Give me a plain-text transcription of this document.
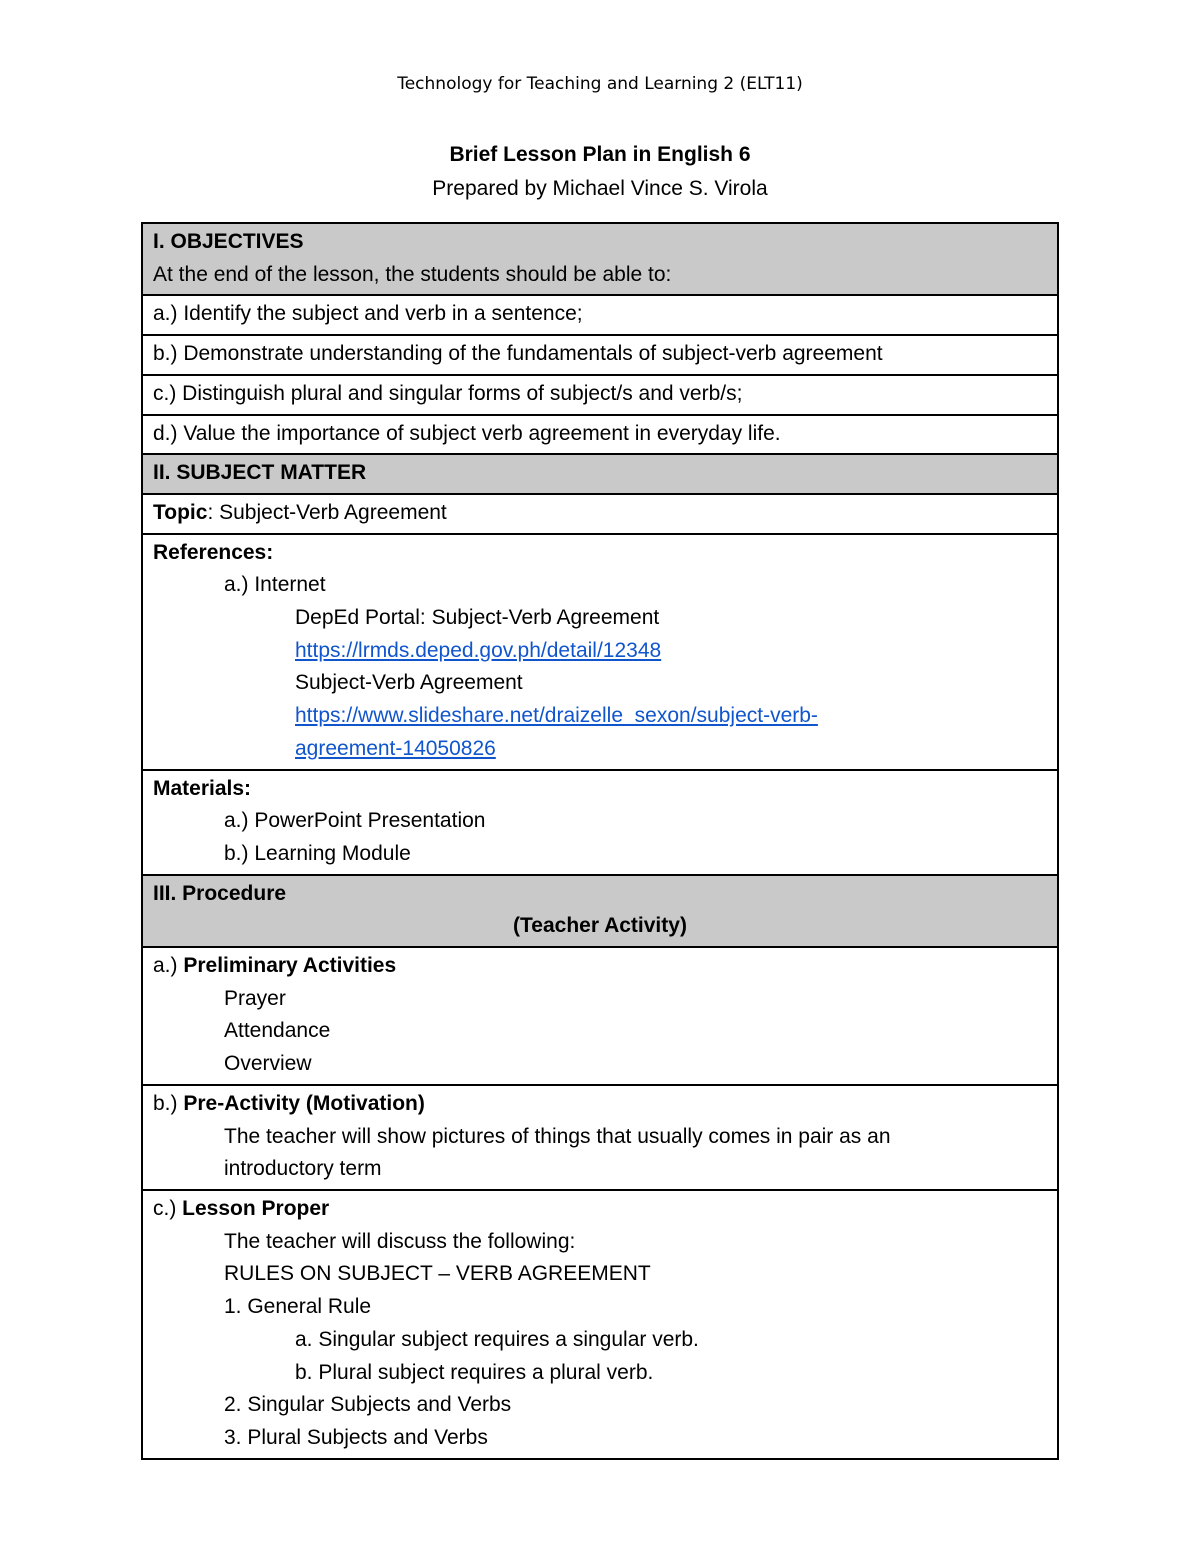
Technology for Teaching and Learning 2 (ELT11)
Brief Lesson Plan in English 6
Prepared by Michael Vince S. Virola
I. OBJECTIVES
At the end of the lesson, the students should be able to:

a.) Identify the subject and verb in a sentence;
b.) Demonstrate understanding of the fundamentals of subject-verb agreement
c.) Distinguish plural and singular forms of subject/s and verb/s;
d.) Value the importance of subject verb agreement in everyday life.
II. SUBJECT MATTER
Topic: Subject-Verb Agreement

References:
a.) Internet
DepEd Portal: Subject-Verb Agreement
https://lrmds.deped.gov.ph/detail/12348
Subject-Verb Agreement
https://www.slideshare.net/draizelle_sexon/subject-verb-
agreement-14050826

Materials:
a.) PowerPoint Presentation
b.) Learning Module

III. Procedure
(Teacher Activity)

a.) Preliminary Activities
Prayer
Attendance
Overview

b.) Pre-Activity (Motivation)
The teacher will show pictures of things that usually comes in pair as an
introductory term

c.) Lesson Proper
The teacher will discuss the following:
RULES ON SUBJECT – VERB AGREEMENT
1. General Rule
a. Singular subject requires a singular verb.
b. Plural subject requires a plural verb.
2. Singular Subjects and Verbs
3. Plural Subjects and Verbs
